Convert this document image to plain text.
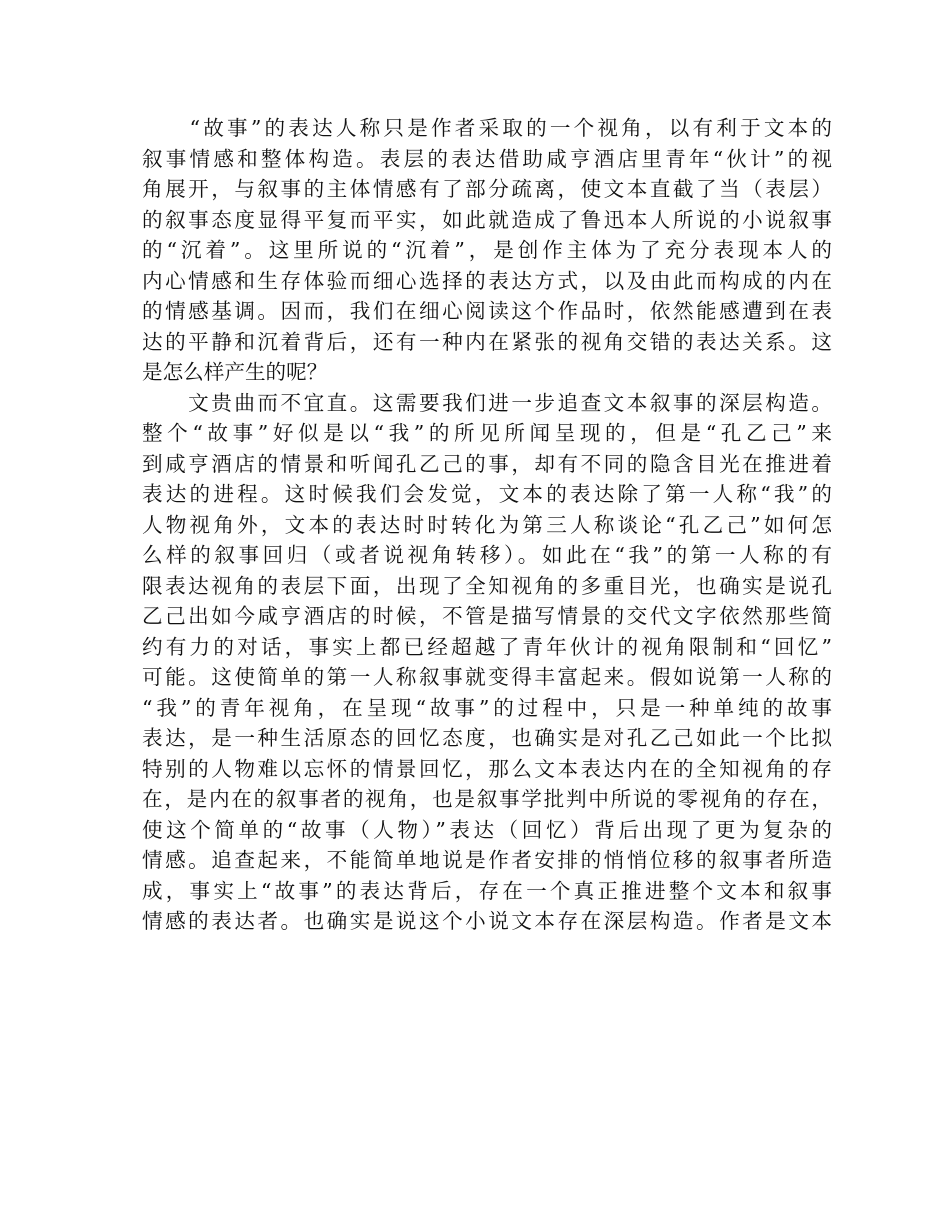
　　“故事”的表达人称只是作者采取的一个视角，以有利于文本的
叙事情感和整体构造。表层的表达借助咸亨酒店里青年“伙计”的视
角展开，与叙事的主体情感有了部分疏离，使文本直截了当（表层）
的叙事态度显得平复而平实，如此就造成了鲁迅本人所说的小说叙事
的“沉着”。这里所说的“沉着”，是创作主体为了充分表现本人的
内心情感和生存体验而细心选择的表达方式，以及由此而构成的内在
的情感基调。因而，我们在细心阅读这个作品时，依然能感遭到在表
达的平静和沉着背后，还有一种内在紧张的视角交错的表达关系。这
是怎么样产生的呢？
　　文贵曲而不宜直。这需要我们进一步追查文本叙事的深层构造。
整个“故事”好似是以“我”的所见所闻呈现的，但是“孔乙己”来
到咸亨酒店的情景和听闻孔乙己的事，却有不同的隐含目光在推进着
表达的进程。这时候我们会发觉，文本的表达除了第一人称“我”的
人物视角外，文本的表达时时转化为第三人称谈论“孔乙己”如何怎
么样的叙事回归（或者说视角转移）。如此在“我”的第一人称的有
限表达视角的表层下面，出现了全知视角的多重目光，也确实是说孔
乙己出如今咸亨酒店的时候，不管是描写情景的交代文字依然那些简
约有力的对话，事实上都已经超越了青年伙计的视角限制和“回忆”
可能。这使简单的第一人称叙事就变得丰富起来。假如说第一人称的
“我”的青年视角，在呈现“故事”的过程中，只是一种单纯的故事
表达，是一种生活原态的回忆态度，也确实是对孔乙己如此一个比拟
特别的人物难以忘怀的情景回忆，那么文本表达内在的全知视角的存
在，是内在的叙事者的视角，也是叙事学批判中所说的零视角的存在，
使这个简单的“故事（人物）”表达（回忆）背后出现了更为复杂的
情感。追查起来，不能简单地说是作者安排的悄悄位移的叙事者所造
成，事实上“故事”的表达背后，存在一个真正推进整个文本和叙事
情感的表达者。也确实是说这个小说文本存在深层构造。作者是文本
